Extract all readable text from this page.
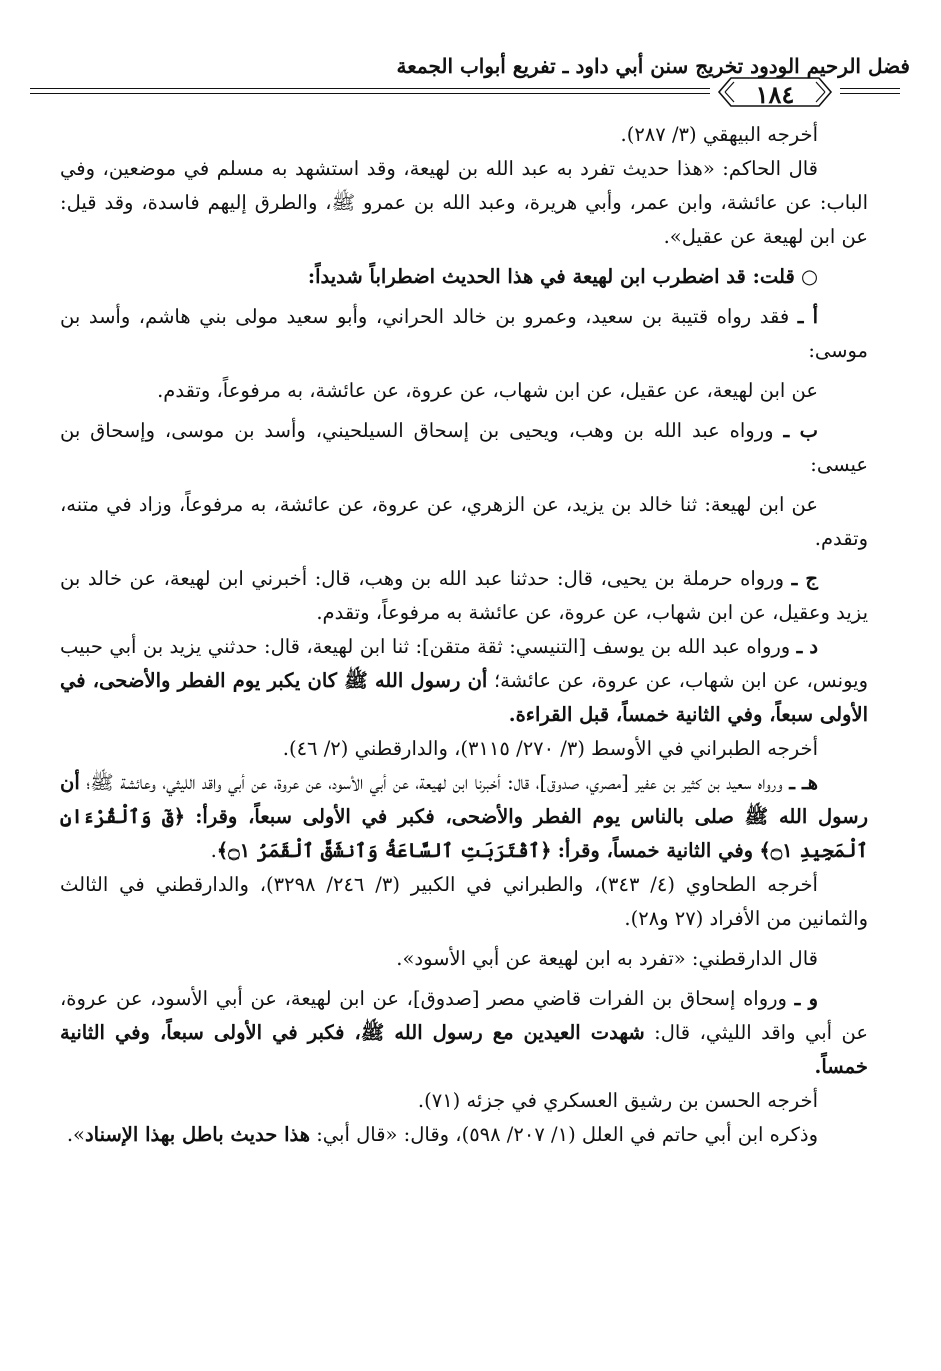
فضل الرحيم الودود تخريج سنن أبي داود ـ تفريع أبواب الجمعة
١٨٤

أخرجه البيهقي (٣/ ٢٨٧).

قال الحاكم: «هذا حديث تفرد به عبد الله بن لهيعة، وقد استشهد به مسلم في موضعين، وفي الباب: عن عائشة، وابن عمر، وأبي هريرة، وعبد الله بن عمرو ﷺ، والطرق إليهم فاسدة، وقد قيل: عن ابن لهيعة عن عقيل».

○ قلت: قد اضطرب ابن لهيعة في هذا الحديث اضطراباً شديداً:

أ ـ فقد رواه قتيبة بن سعيد، وعمرو بن خالد الحراني، وأبو سعيد مولى بني هاشم، وأسد بن موسى:

عن ابن لهيعة، عن عقيل، عن ابن شهاب، عن عروة، عن عائشة، به مرفوعاً، وتقدم.

ب ـ ورواه عبد الله بن وهب، ويحيى بن إسحاق السيلحيني، وأسد بن موسى، وإسحاق بن عيسى:

عن ابن لهيعة: ثنا خالد بن يزيد، عن الزهري، عن عروة، عن عائشة، به مرفوعاً، وزاد في متنه، وتقدم.

ج ـ ورواه حرملة بن يحيى، قال: حدثنا عبد الله بن وهب، قال: أخبرني ابن لهيعة، عن خالد بن يزيد وعقيل، عن ابن شهاب، عن عروة، عن عائشة به مرفوعاً، وتقدم.

د ـ ورواه عبد الله بن يوسف [التنيسي: ثقة متقن]: ثنا ابن لهيعة، قال: حدثني يزيد بن أبي حبيب ويونس، عن ابن شهاب، عن عروة، عن عائشة؛ أن رسول الله ﷺ كان يكبر يوم الفطر والأضحى، في الأولى سبعاً، وفي الثانية خمساً، قبل القراءة.

أخرجه الطبراني في الأوسط (٣/ ٢٧٠/ ٣١١٥)، والدارقطني (٢/ ٤٦).

هـ ـ ورواه سعيد بن كثير بن عفير [مصري، صدوق]، قال: أخبرنا ابن لهيعة، عن أبي الأسود، عن عروة، عن أبي واقد الليثي، وعائشة ﷺ؛ أن رسول الله ﷺ صلى بالناس يوم الفطر والأضحى، فكبر في الأولى سبعاً، وقرأ: ﴿قٓ وَٱلْقُرْءَانِ ٱلْمَجِيدِ ۝١﴾ وفي الثانية خمساً، وقرأ: ﴿ٱقْتَرَبَتِ ٱلسَّاعَةُ وَٱنشَقَّ ٱلْقَمَرُ ۝١﴾.

أخرجه الطحاوي (٤/ ٣٤٣)، والطبراني في الكبير (٣/ ٢٤٦/ ٣٢٩٨)، والدارقطني في الثالث والثمانين من الأفراد (٢٧ و٢٨).

قال الدارقطني: «تفرد به ابن لهيعة عن أبي الأسود».

و ـ ورواه إسحاق بن الفرات قاضي مصر [صدوق]، عن ابن لهيعة، عن أبي الأسود، عن عروة، عن أبي واقد الليثي، قال: شهدت العيدين مع رسول الله ﷺ، فكبر في الأولى سبعاً، وفي الثانية خمساً.

أخرجه الحسن بن رشيق العسكري في جزئه (٧١).

وذكره ابن أبي حاتم في العلل (١/ ٢٠٧/ ٥٩٨)، وقال: «قال أبي: هذا حديث باطل بهذا الإسناد».
